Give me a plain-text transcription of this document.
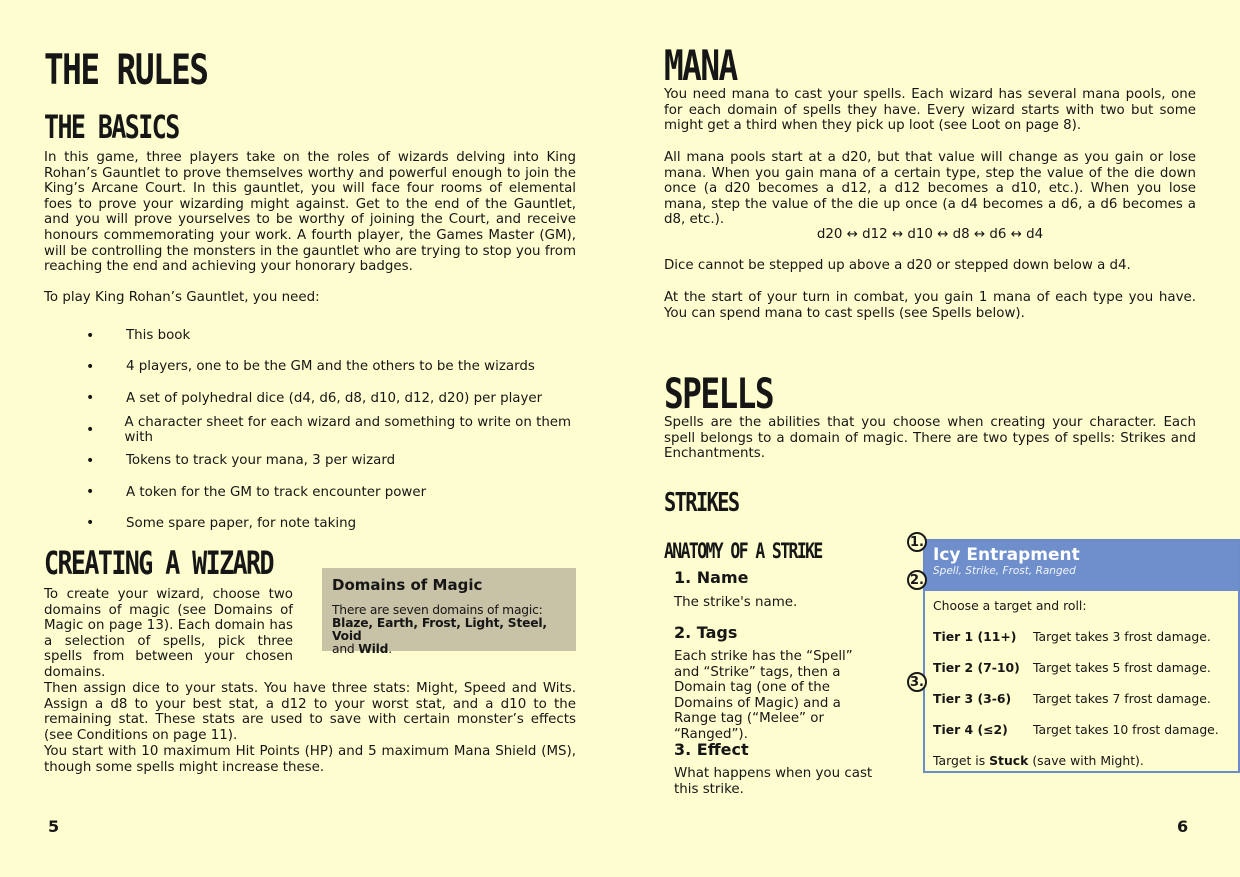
THE RULES
THE BASICS

In this game, three players take on the roles of wizards delving into King Rohan’s Gauntlet to prove themselves worthy and powerful enough to join the King’s Arcane Court. In this gauntlet, you will face four rooms of elemental foes to prove your wizarding might against. Get to the end of the Gauntlet, and you will prove yourselves to be worthy of joining the Court, and receive honours commemorating your work. A fourth player, the Games Master (GM), will be controlling the monsters in the gauntlet who are trying to stop you from reaching the end and achieving your honorary badges.

To play King Rohan’s Gauntlet, you need:

•	This book
•	4 players, one to be the GM and the others to be the wizards
•	A set of polyhedral dice (d4, d6, d8, d10, d12, d20) per player
•	A character sheet for each wizard and something to write on them with
•	Tokens to track your mana, 3 per wizard
•	A token for the GM to track encounter power
•	Some spare paper, for note taking
CREATING A WIZARD

To create your wizard, choose two domains of magic (see Domains of Magic on page 13). Each domain has a selection of spells, pick three spells from between your chosen domains.

Domains of Magic
There are seven domains of magic:
Blaze, Earth, Frost, Light, Steel, Void
and Wild.

Then assign dice to your stats. You have three stats: Might, Speed and Wits. Assign a d8 to your best stat, a d12 to your worst stat, and a d10 to the remaining stat. These stats are used to save with certain monster’s effects (see Conditions on page 11).

You start with 10 maximum Hit Points (HP) and 5 maximum Mana Shield (MS), though some spells might increase these.

5
MANA

You need mana to cast your spells. Each wizard has several mana pools, one for each domain of spells they have. Every wizard starts with two but some might get a third when they pick up loot (see Loot on page 8).

All mana pools start at a d20, but that value will change as you gain or lose mana. When you gain mana of a certain type, step the value of the die down once (a d20 becomes a d12, a d12 becomes a d10, etc.). When you lose mana, step the value of the die up once (a d4 becomes a d6, a d6 becomes a d8, etc.).

d20 ↔ d12 ↔ d10 ↔ d8 ↔ d6 ↔ d4

Dice cannot be stepped up above a d20 or stepped down below a d4.

At the start of your turn in combat, you gain 1 mana of each type you have. You can spend mana to cast spells (see Spells below).

SPELLS

Spells are the abilities that you choose when creating your character. Each spell belongs to a domain of magic. There are two types of spells: Strikes and Enchantments.

STRIKES
ANATOMY OF A STRIKE
1. Name

The strike's name.

2. Tags

Each strike has the “Spell” and “Strike” tags, then a Domain tag (one of the Domains of Magic) and a Range tag (“Melee” or “Ranged”).

3. Effect

What happens when you cast this strike.

Icy Entrapment
Spell, Strike, Frost, Ranged
Choose a target and roll:
Tier 1 (11+) Target takes 3 frost damage.
Tier 2 (7-10) Target takes 5 frost damage.
Tier 3 (3-6) Target takes 7 frost damage.
Tier 4 (≤2) Target takes 10 frost damage.
Target is Stuck (save with Might).
1.
2.
3.
6
